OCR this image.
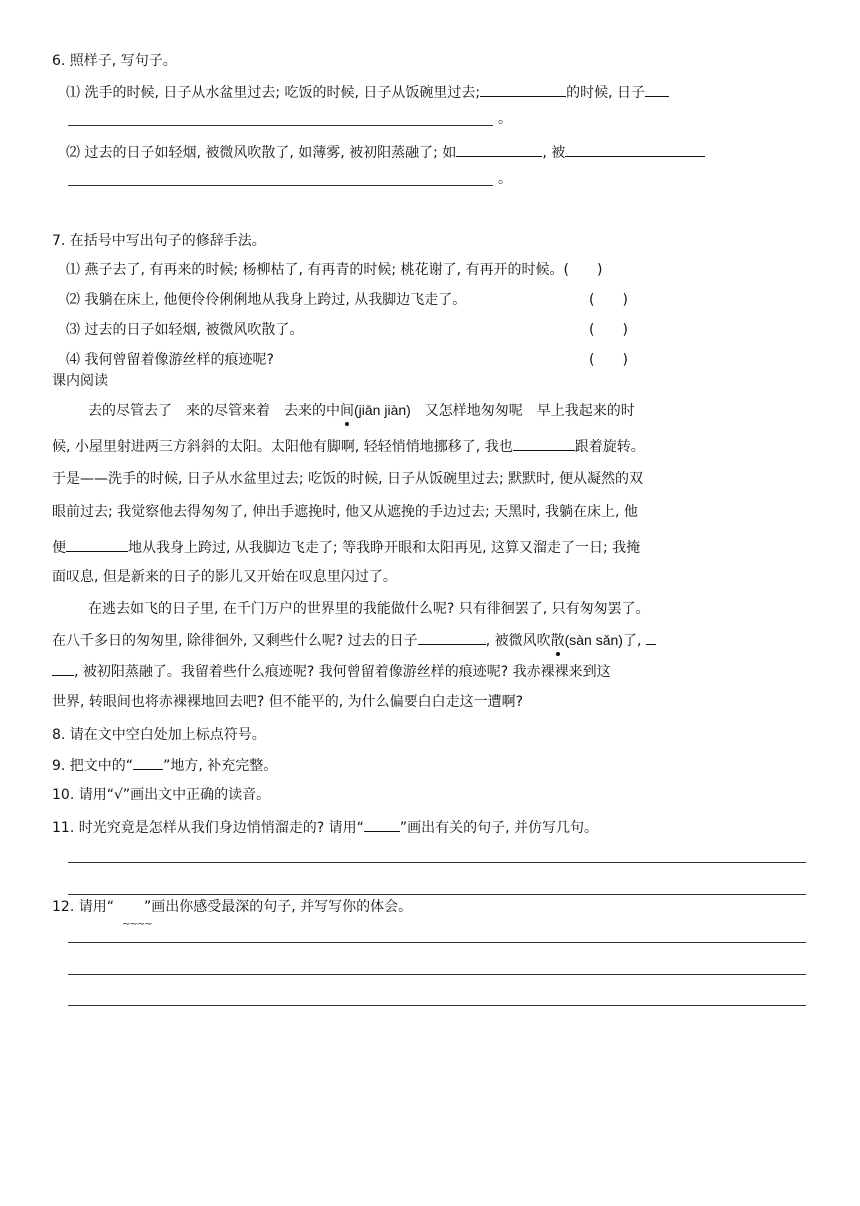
6. 照样子, 写句子。
⑴ 洗手的时候, 日子从水盆里过去; 吃饭的时候, 日子从饭碗里过去;	的时候, 日子
。
⑵ 过去的日子如轻烟, 被微风吹散了, 如薄雾, 被初阳蒸融了; 如	, 被
。
7. 在括号中写出句子的修辞手法。
⑴ 燕子去了, 有再来的时候; 杨柳枯了, 有再青的时候; 桃花谢了, 有再开的时候。(　　)
⑵ 我躺在床上, 他便伶伶俐俐地从我身上跨过, 从我脚边飞走了。	(　　)
⑶ 过去的日子如轻烟, 被微风吹散了。	(　　)
⑷ 我何曾留着像游丝样的痕迹呢?	(　　)
课内阅读
去的尽管去了　来的尽管来着　去来的中间(jiān jiàn)　又怎样地匆匆呢　早上我起来的时
候, 小屋里射进两三方斜斜的太阳。太阳他有脚啊, 轻轻悄悄地挪移了, 我也	跟着旋转。
于是——洗手的时候, 日子从水盆里过去; 吃饭的时候, 日子从饭碗里过去; 默默时, 便从凝然的双
眼前过去; 我觉察他去得匆匆了, 伸出手遮挽时, 他又从遮挽的手边过去; 天黑时, 我躺在床上, 他
便	地从我身上跨过, 从我脚边飞走了; 等我睁开眼和太阳再见, 这算又溜走了一日; 我掩
面叹息, 但是新来的日子的影儿又开始在叹息里闪过了。
在逃去如飞的日子里, 在千门万户的世界里的我能做什么呢? 只有徘徊罢了, 只有匆匆罢了。
在八千多日的匆匆里, 除徘徊外, 又剩些什么呢? 过去的日子	, 被微风吹散(sàn sǎn)了,
, 被初阳蒸融了。我留着些什么痕迹呢? 我何曾留着像游丝样的痕迹呢? 我赤裸裸来到这
世界, 转眼间也将赤裸裸地回去吧? 但不能平的, 为什么偏要白白走这一遭啊?
8. 请在文中空白处加上标点符号。
9. 把文中的“ ”地方, 补充完整。
10. 请用“√”画出文中正确的读音。
11. 时光究竟是怎样从我们身边悄悄溜走的? 请用“	”画出有关的句子, 并仿写几句。
12. 请用“ ”画出你感受最深的句子, 并写写你的体会。
~~~~
